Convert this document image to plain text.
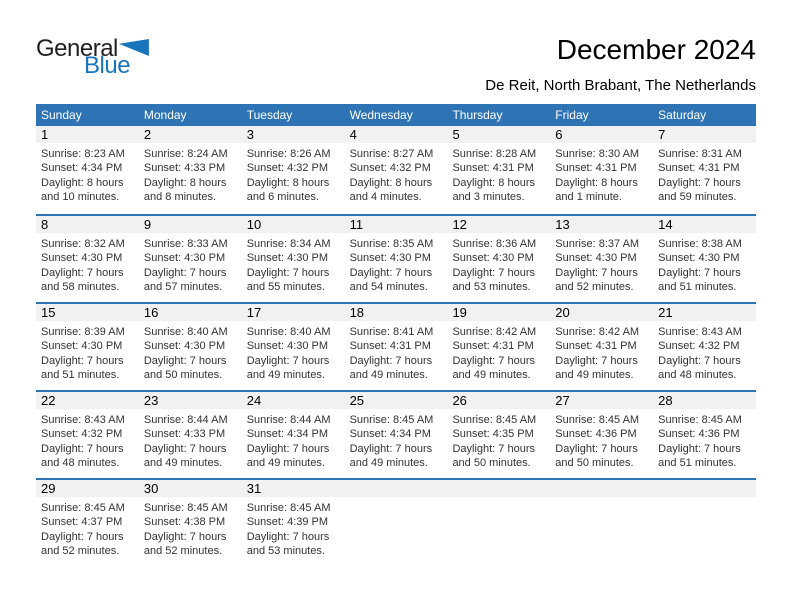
General
Blue
December 2024
De Reit, North Brabant, The Netherlands
Sunday	Monday	Tuesday	Wednesday	Thursday	Friday	Saturday
1	2	3	4	5	6	7
Sunrise: 8:23 AM
Sunset: 4:34 PM
Daylight: 8 hours
and 10 minutes.
Sunrise: 8:24 AM
Sunset: 4:33 PM
Daylight: 8 hours
and 8 minutes.
Sunrise: 8:26 AM
Sunset: 4:32 PM
Daylight: 8 hours
and 6 minutes.
Sunrise: 8:27 AM
Sunset: 4:32 PM
Daylight: 8 hours
and 4 minutes.
Sunrise: 8:28 AM
Sunset: 4:31 PM
Daylight: 8 hours
and 3 minutes.
Sunrise: 8:30 AM
Sunset: 4:31 PM
Daylight: 8 hours
and 1 minute.
Sunrise: 8:31 AM
Sunset: 4:31 PM
Daylight: 7 hours
and 59 minutes.
8	9	10	11	12	13	14
Sunrise: 8:32 AM
Sunset: 4:30 PM
Daylight: 7 hours
and 58 minutes.
Sunrise: 8:33 AM
Sunset: 4:30 PM
Daylight: 7 hours
and 57 minutes.
Sunrise: 8:34 AM
Sunset: 4:30 PM
Daylight: 7 hours
and 55 minutes.
Sunrise: 8:35 AM
Sunset: 4:30 PM
Daylight: 7 hours
and 54 minutes.
Sunrise: 8:36 AM
Sunset: 4:30 PM
Daylight: 7 hours
and 53 minutes.
Sunrise: 8:37 AM
Sunset: 4:30 PM
Daylight: 7 hours
and 52 minutes.
Sunrise: 8:38 AM
Sunset: 4:30 PM
Daylight: 7 hours
and 51 minutes.
15	16	17	18	19	20	21
Sunrise: 8:39 AM
Sunset: 4:30 PM
Daylight: 7 hours
and 51 minutes.
Sunrise: 8:40 AM
Sunset: 4:30 PM
Daylight: 7 hours
and 50 minutes.
Sunrise: 8:40 AM
Sunset: 4:30 PM
Daylight: 7 hours
and 49 minutes.
Sunrise: 8:41 AM
Sunset: 4:31 PM
Daylight: 7 hours
and 49 minutes.
Sunrise: 8:42 AM
Sunset: 4:31 PM
Daylight: 7 hours
and 49 minutes.
Sunrise: 8:42 AM
Sunset: 4:31 PM
Daylight: 7 hours
and 49 minutes.
Sunrise: 8:43 AM
Sunset: 4:32 PM
Daylight: 7 hours
and 48 minutes.
22	23	24	25	26	27	28
Sunrise: 8:43 AM
Sunset: 4:32 PM
Daylight: 7 hours
and 48 minutes.
Sunrise: 8:44 AM
Sunset: 4:33 PM
Daylight: 7 hours
and 49 minutes.
Sunrise: 8:44 AM
Sunset: 4:34 PM
Daylight: 7 hours
and 49 minutes.
Sunrise: 8:45 AM
Sunset: 4:34 PM
Daylight: 7 hours
and 49 minutes.
Sunrise: 8:45 AM
Sunset: 4:35 PM
Daylight: 7 hours
and 50 minutes.
Sunrise: 8:45 AM
Sunset: 4:36 PM
Daylight: 7 hours
and 50 minutes.
Sunrise: 8:45 AM
Sunset: 4:36 PM
Daylight: 7 hours
and 51 minutes.
29	30	31
Sunrise: 8:45 AM
Sunset: 4:37 PM
Daylight: 7 hours
and 52 minutes.
Sunrise: 8:45 AM
Sunset: 4:38 PM
Daylight: 7 hours
and 52 minutes.
Sunrise: 8:45 AM
Sunset: 4:39 PM
Daylight: 7 hours
and 53 minutes.
